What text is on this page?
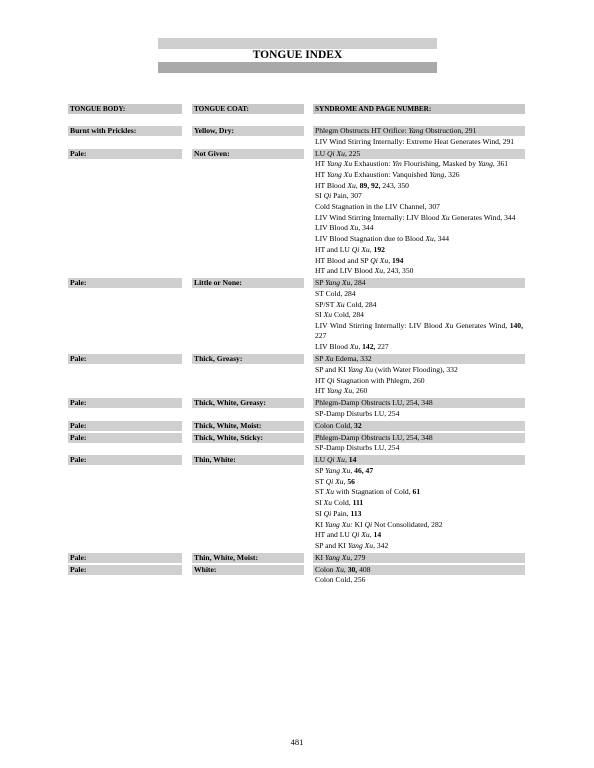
TONGUE INDEX
TONGUE BODY:	TONGUE COAT:	SYNDROME AND PAGE NUMBER:
Burnt with Prickles:	Yellow, Dry:	Phlegm Obstructs HT Orifice: Yang Obstruction, 291
LIV Wind Stirring Internally: Extreme Heat Generates Wind, 291
Pale:	Not Given:	LU Qi Xu, 225
HT Yang Xu Exhaustion: Yin Flourishing, Masked by Yang, 361
HT Yang Xu Exhaustion: Vanquished Yang, 326
HT Blood Xu, 89, 92, 243, 350
SI Qi Pain, 307
Cold Stagnation in the LIV Channel, 307
LIV Wind Stirring Internally: LIV Blood Xu Generates Wind, 344
LIV Blood Xu, 344
LIV Blood Stagnation due to Blood Xu, 344
HT and LU Qi Xu, 192
HT Blood and SP Qi Xu, 194
HT and LIV Blood Xu, 243, 350
Pale:	Little or None:	SP Yang Xu, 284
ST Cold, 284
SP/ST Xu Cold, 284
SI Xu Cold, 284
LIV Wind Stirring Internally: LIV Blood Xu Generates Wind, 140, 227
LIV Blood Xu, 142, 227
Pale:	Thick, Greasy:	SP Xu Edema, 332
SP and KI Yang Xu (with Water Flooding), 332
HT Qi Stagnation with Phlegm, 260
HT Yang Xu, 260
Pale:	Thick, White, Greasy:	Phlegm-Damp Obstructs LU, 254, 348
SP-Damp Disturbs LU, 254
Pale:	Thick, White, Moist:	Colon Cold, 32
Pale:	Thick, White, Sticky:	Phlegm-Damp Obstructs LU, 254, 348
SP-Damp Disturbs LU, 254
Pale:	Thin, White:	LU Qi Xu, 14
SP Yang Xu, 46, 47
ST Qi Xu, 56
ST Xu with Stagnation of Cold, 61
SI Xu Cold, 111
SI Qi Pain, 113
KI Yang Xu: KI Qi Not Consolidated, 282
HT and LU Qi Xu, 14
SP and KI Yang Xu, 342
Pale:	Thin, White, Moist:	KI Yang Xu, 279
Pale:	White:	Colon Xu, 30, 408
Colon Cold, 256
481
